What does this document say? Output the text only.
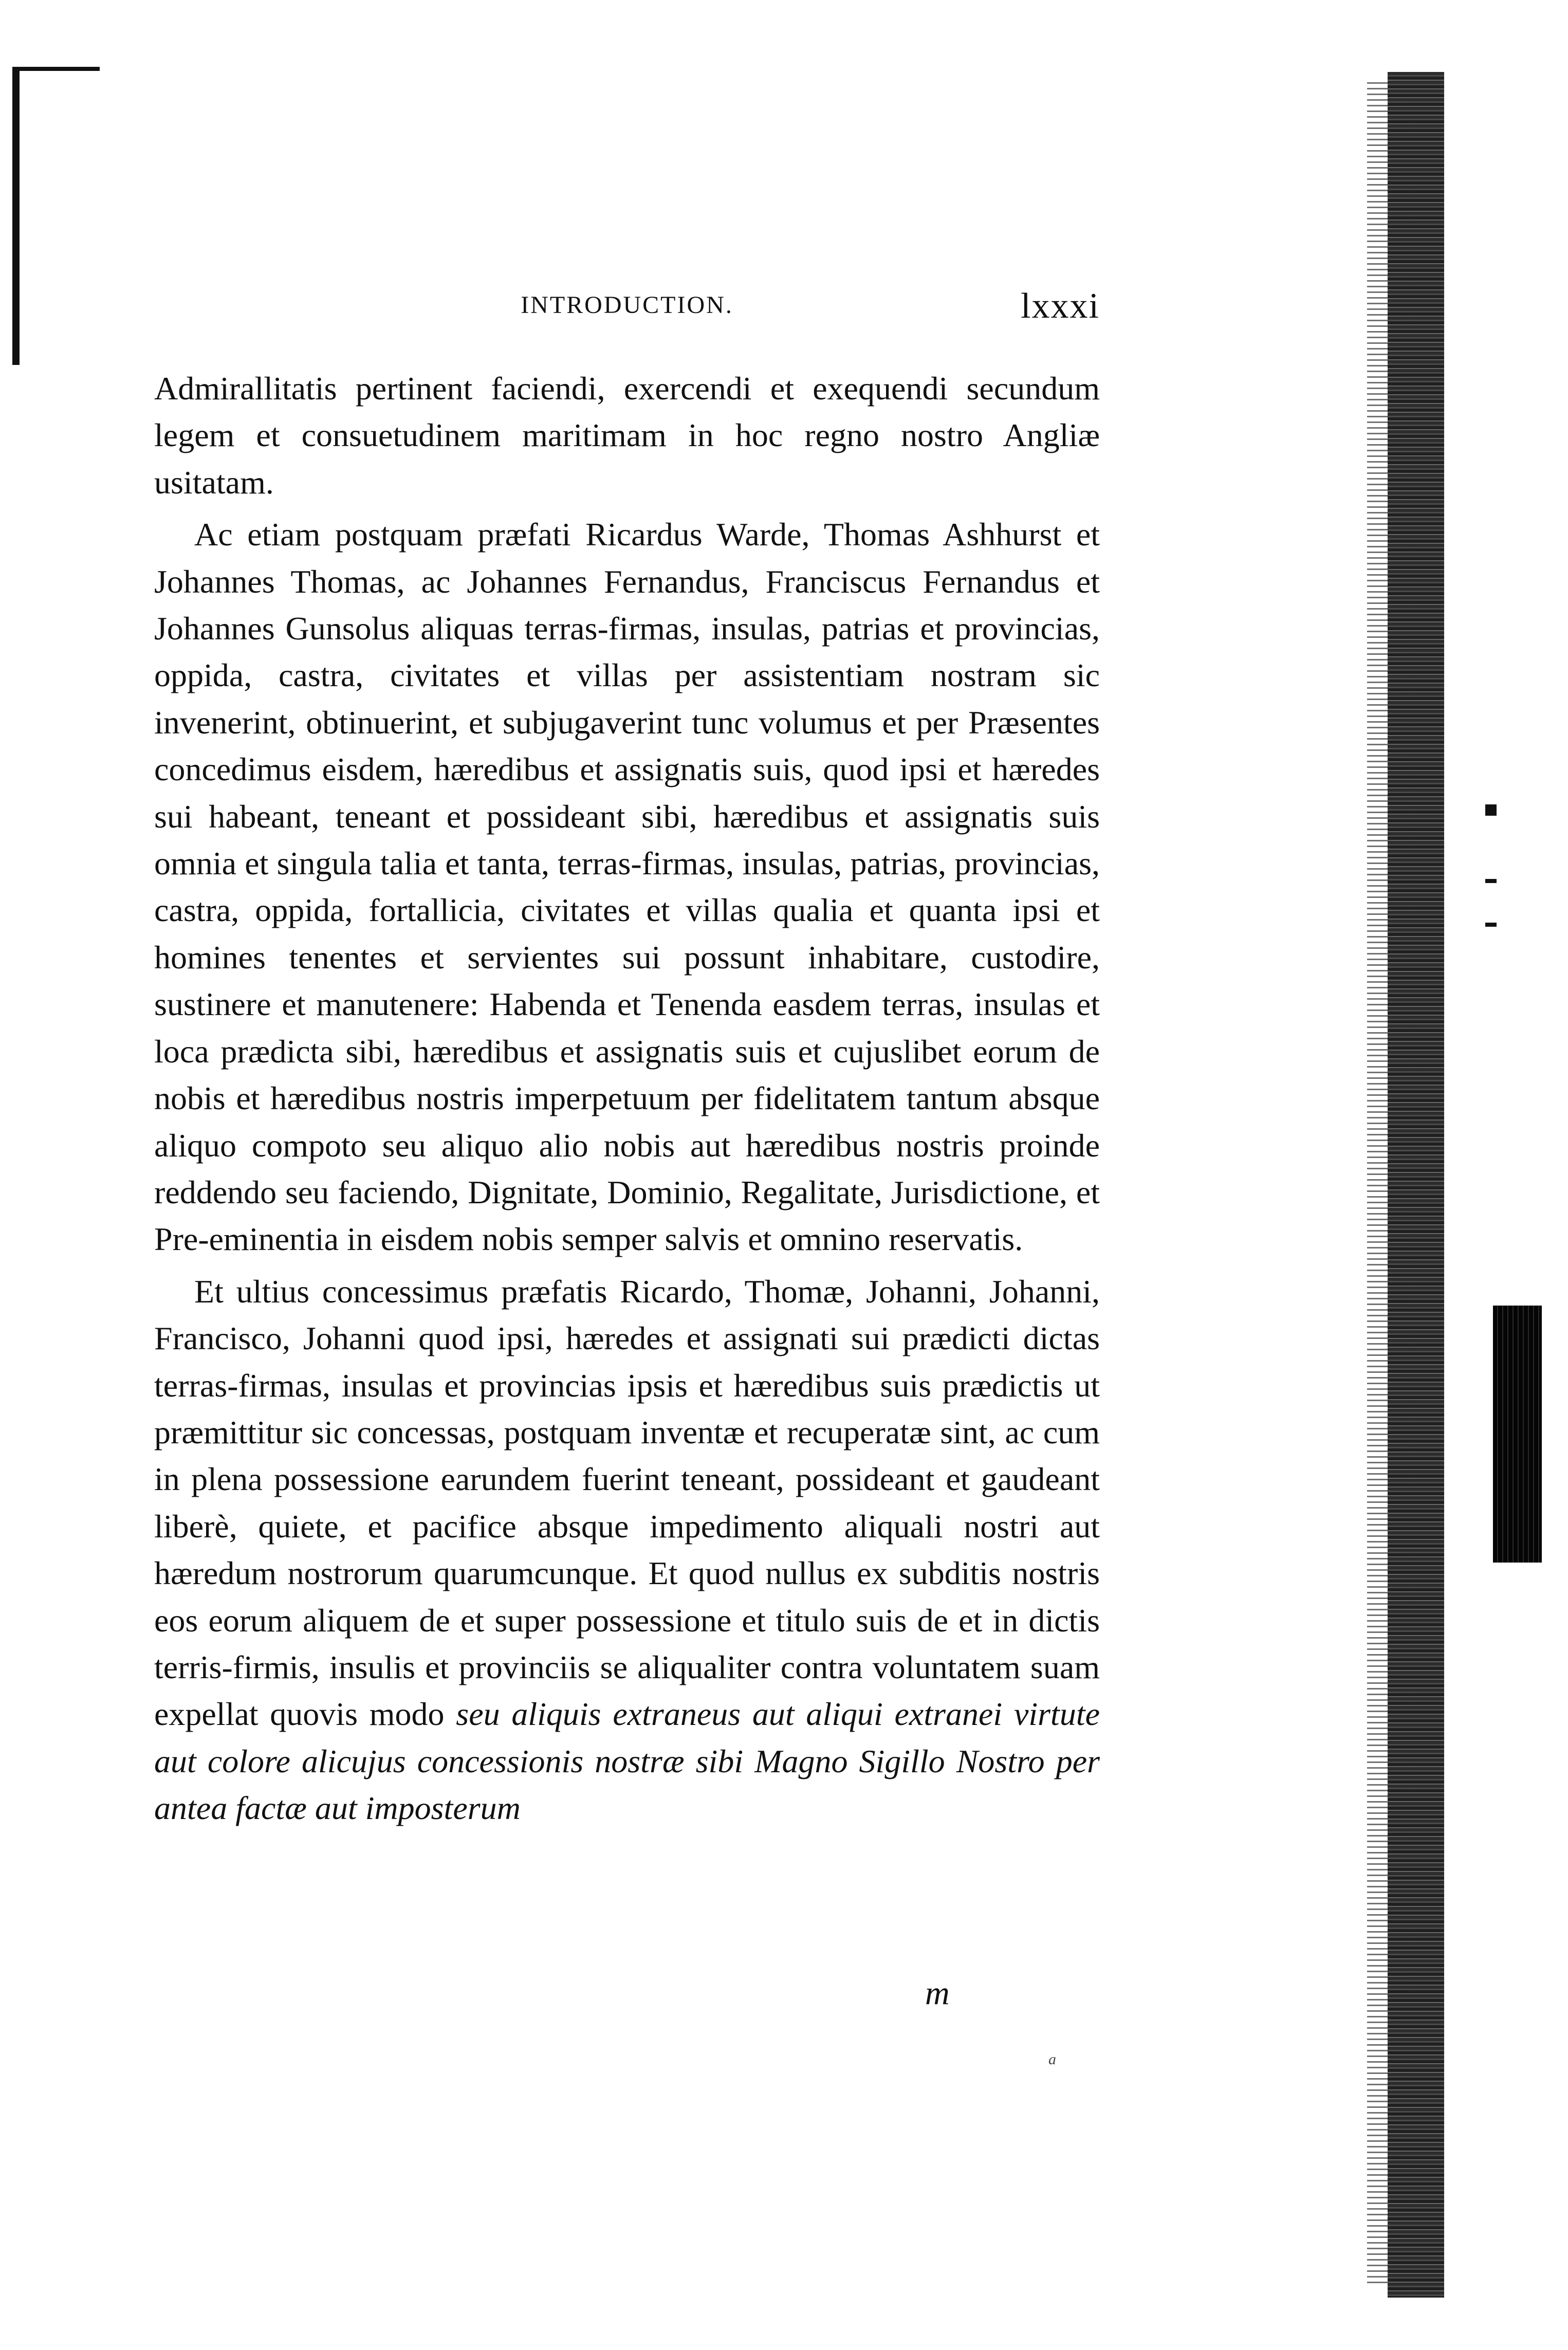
INTRODUCTION.	lxxxi

Admirallitatis pertinent faciendi, exercendi et exequendi secundum legem et consuetudinem maritimam in hoc regno nostro Angliæ usitatam.

Ac etiam postquam præfati Ricardus Warde, Thomas Ashhurst et Johannes Thomas, ac Johannes Fernandus, Franciscus Fernandus et Johannes Gunsolus aliquas terras-firmas, insulas, patrias et provincias, oppida, castra, civitates et villas per assistentiam nostram sic invenerint, obtinuerint, et subjugaverint tunc volumus et per Præsentes concedimus eisdem, hæredibus et assignatis suis, quod ipsi et hæredes sui habeant, teneant et possideant sibi, hæredibus et assignatis suis omnia et singula talia et tanta, terras-firmas, insulas, patrias, provincias, castra, oppida, fortallicia, civitates et villas qualia et quanta ipsi et homines tenentes et servientes sui possunt inhabitare, custodire, sustinere et manutenere: Habenda et Tenenda easdem terras, insulas et loca prædicta sibi, hæredibus et assignatis suis et cujuslibet eorum de nobis et hæredibus nostris imperpetuum per fidelitatem tantum absque aliquo compoto seu aliquo alio nobis aut hæredibus nostris proinde reddendo seu faciendo, Dignitate, Dominio, Regalitate, Jurisdictione, et Pre-eminentia in eisdem nobis semper salvis et omnino reservatis.

Et ultius concessimus præfatis Ricardo, Thomæ, Johanni, Johanni, Francisco, Johanni quod ipsi, hæredes et assignati sui prædicti dictas terras-firmas, insulas et provincias ipsis et hæredibus suis prædictis ut præmittitur sic concessas, postquam inventæ et recuperatæ sint, ac cum in plena possessione earundem fuerint teneant, possideant et gaudeant liberè, quiete, et pacifice absque impedimento aliquali nostri aut hæredum nostrorum quarumcunque. Et quod nullus ex subditis nostris eos eorum aliquem de et super possessione et titulo suis de et in dictis terris-firmis, insulis et provinciis se aliqualiter contra voluntatem suam expellat quovis modo seu aliquis extraneus aut aliqui extranei virtute aut colore alicujus concessionis nostræ sibi Magno Sigillo Nostro per antea factæ aut imposterum

m
a
